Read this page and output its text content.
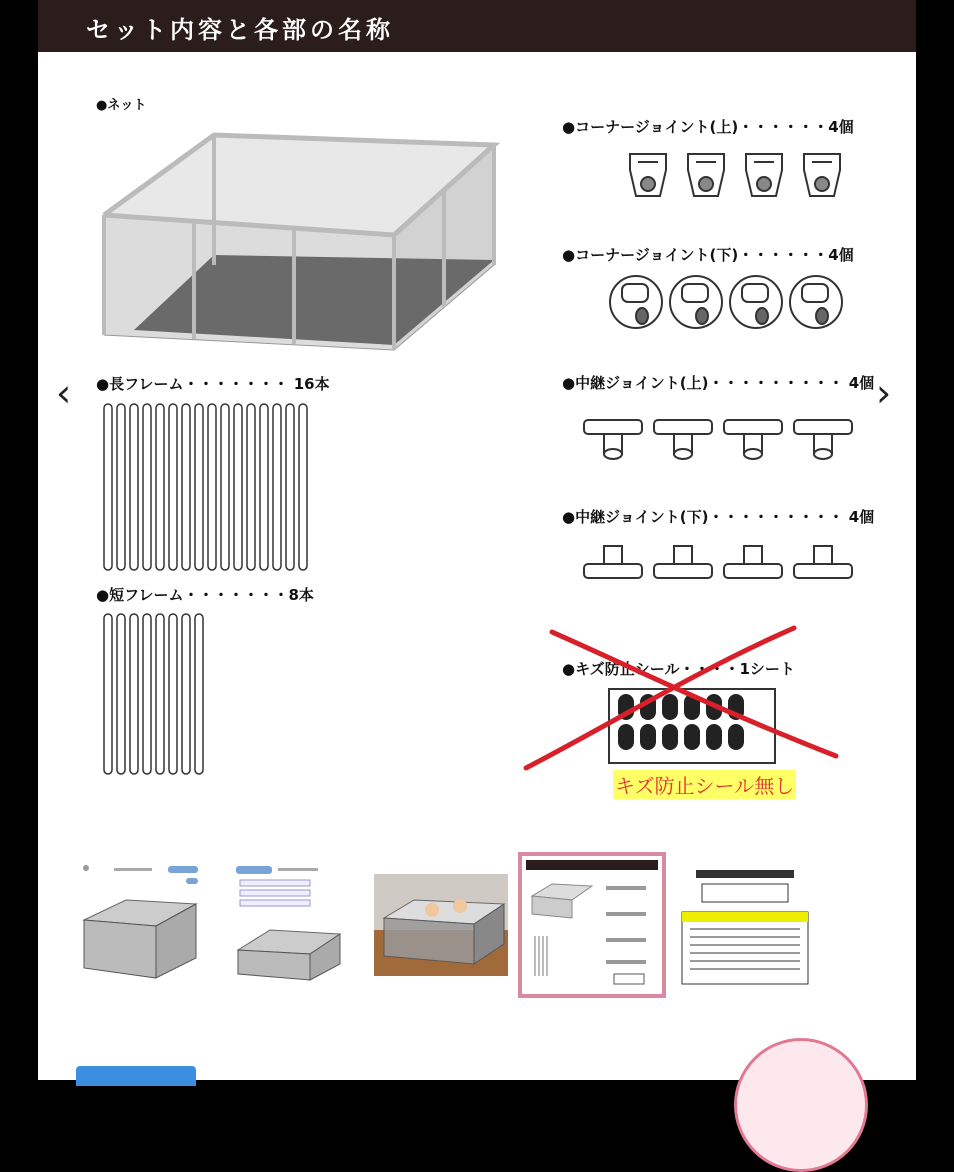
セット内容と各部の名称
●ネット
●長フレーム・・・・・・・ 16本
●短フレーム・・・・・・・8本
●コーナージョイント(上)・・・・・・4個
●コーナージョイント(下)・・・・・・4個
●中継ジョイント(上)・・・・・・・・・ 4個
●中継ジョイント(下)・・・・・・・・・ 4個
●キズ防止シール・・・・1シート
キズ防止シール無し
‹	›
